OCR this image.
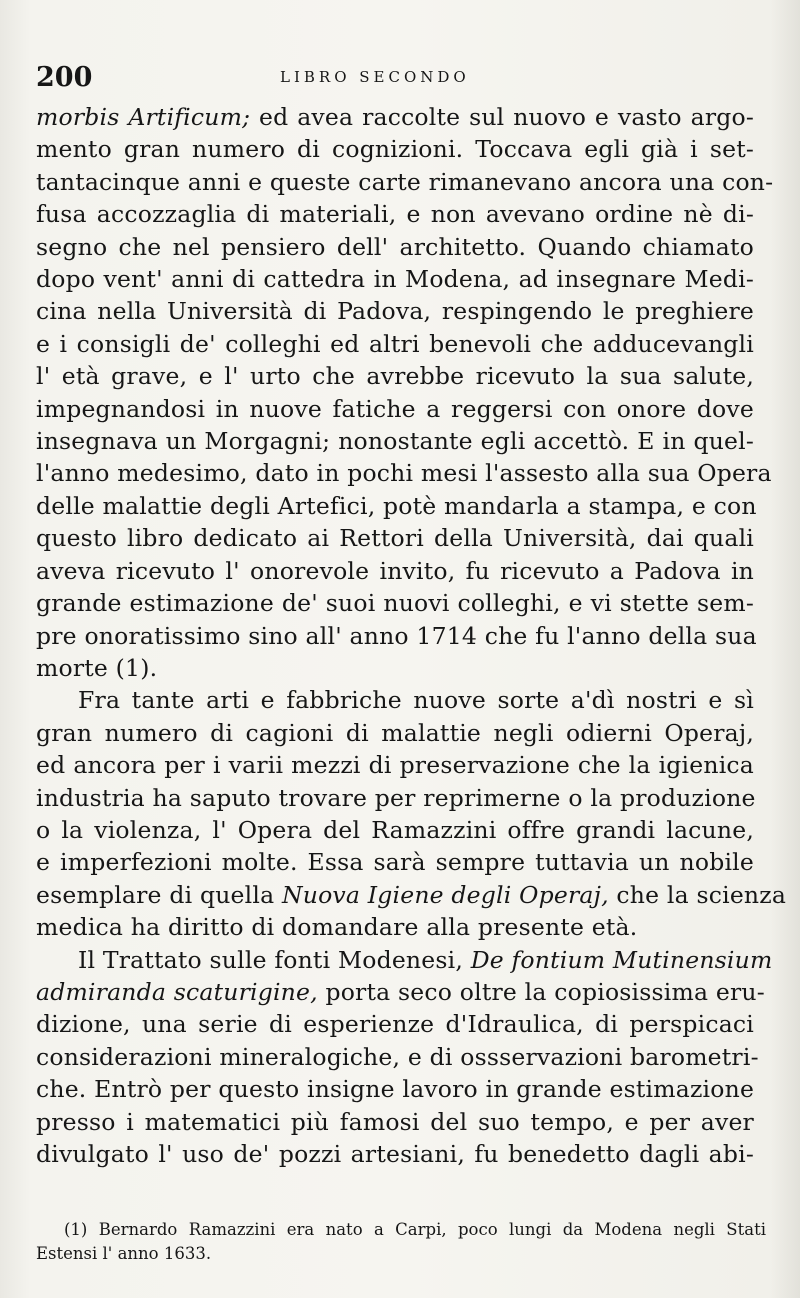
200	LIBRO SECONDO
morbis Artificum; ed avea raccolte sul nuovo e vasto argo-
mento gran numero di cognizioni. Toccava egli già i set-
tantacinque anni e queste carte rimanevano ancora una con-
fusa accozzaglia di materiali, e non avevano ordine nè di-
segno che nel pensiero dell' architetto. Quando chiamato
dopo vent' anni di cattedra in Modena, ad insegnare Medi-
cina nella Università di Padova, respingendo le preghiere
e i consigli de' colleghi ed altri benevoli che adducevangli
l' età grave, e l' urto che avrebbe ricevuto la sua salute,
impegnandosi in nuove fatiche a reggersi con onore dove
insegnava un Morgagni; nonostante egli accettò. E in quel-
l'anno medesimo, dato in pochi mesi l'assesto alla sua Opera
delle malattie degli Artefici, potè mandarla a stampa, e con
questo libro dedicato ai Rettori della Università, dai quali
aveva ricevuto l' onorevole invito, fu ricevuto a Padova in
grande estimazione de' suoi nuovi colleghi, e vi stette sem-
pre onoratissimo sino all' anno 1714 che fu l'anno della sua
morte (1).
Fra tante arti e fabbriche nuove sorte a'dì nostri e sì
gran numero di cagioni di malattie negli odierni Operaj,
ed ancora per i varii mezzi di preservazione che la igienica
industria ha saputo trovare per reprimerne o la produzione
o la violenza, l' Opera del Ramazzini offre grandi lacune,
e imperfezioni molte. Essa sarà sempre tuttavia un nobile
esemplare di quella Nuova Igiene degli Operaj, che la scienza
medica ha diritto di domandare alla presente età.
Il Trattato sulle fonti Modenesi, De fontium Mutinensium
admiranda scaturigine, porta seco oltre la copiosissima eru-
dizione, una serie di esperienze d'Idraulica, di perspicaci
considerazioni mineralogiche, e di ossservazioni barometri-
che. Entrò per questo insigne lavoro in grande estimazione
presso i matematici più famosi del suo tempo, e per aver
divulgato l' uso de' pozzi artesiani, fu benedetto dagli abi-
(1) Bernardo Ramazzini era nato a Carpi, poco lungi da Modena negli Stati
Estensi l' anno 1633.
